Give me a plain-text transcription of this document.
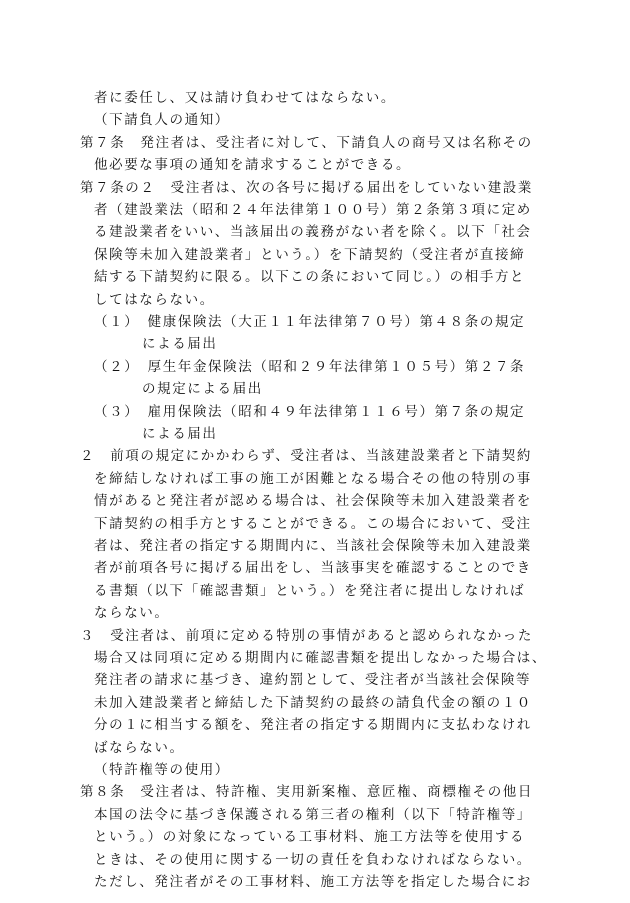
者に委任し、又は請け負わせてはならない。
（下請負人の通知）
第７条　発注者は、受注者に対して、下請負人の商号又は名称その
他必要な事項の通知を請求することができる。
第７条の２　受注者は、次の各号に掲げる届出をしていない建設業
者（建設業法（昭和２４年法律第１００号）第２条第３項に定め
る建設業者をいい、当該届出の義務がない者を除く。以下「社会
保険等未加入建設業者」という。）を下請契約（受注者が直接締
結する下請契約に限る。以下この条において同じ。）の相手方と
してはならない。
（１）　健康保険法（大正１１年法律第７０号）第４８条の規定
による届出
（２）　厚生年金保険法（昭和２９年法律第１０５号）第２７条
の規定による届出
（３）　雇用保険法（昭和４９年法律第１１６号）第７条の規定
による届出
２　前項の規定にかかわらず、受注者は、当該建設業者と下請契約
を締結しなければ工事の施工が困難となる場合その他の特別の事
情があると発注者が認める場合は、社会保険等未加入建設業者を
下請契約の相手方とすることができる。この場合において、受注
者は、発注者の指定する期間内に、当該社会保険等未加入建設業
者が前項各号に掲げる届出をし、当該事実を確認することのでき
る書類（以下「確認書類」という。）を発注者に提出しなければ
ならない。
３　受注者は、前項に定める特別の事情があると認められなかった
場合又は同項に定める期間内に確認書類を提出しなかった場合は、
発注者の請求に基づき、違約罰として、受注者が当該社会保険等
未加入建設業者と締結した下請契約の最終の請負代金の額の１０
分の１に相当する額を、発注者の指定する期間内に支払わなけれ
ばならない。
（特許権等の使用）
第８条　受注者は、特許権、実用新案権、意匠権、商標権その他日
本国の法令に基づき保護される第三者の権利（以下「特許権等」
という。）の対象になっている工事材料、施工方法等を使用する
ときは、その使用に関する一切の責任を負わなければならない。
ただし、発注者がその工事材料、施工方法等を指定した場合にお
